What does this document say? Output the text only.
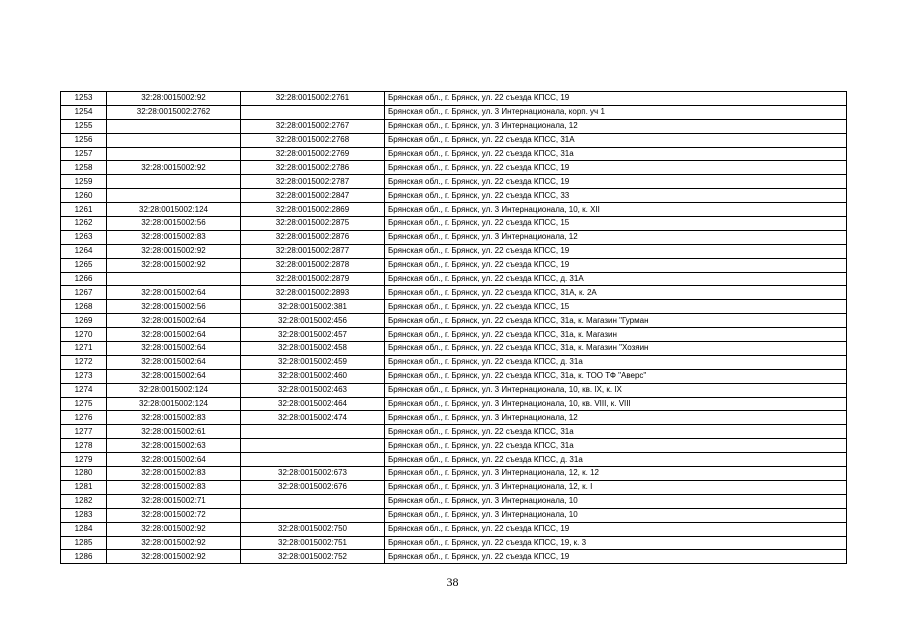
1253	32:28:0015002:92	32:28:0015002:2761	Брянская обл., г. Брянск, ул. 22 съезда КПСС, 19
1254	32:28:0015002:2762		Брянская обл., г. Брянск, ул. 3 Интернационала, корп. уч 1
1255		32:28:0015002:2767	Брянская обл., г. Брянск, ул. 3 Интернационала, 12
1256		32:28:0015002:2768	Брянская обл., г. Брянск, ул. 22 съезда КПСС, 31А
1257		32:28:0015002:2769	Брянская обл., г. Брянск, ул. 22 съезда КПСС, 31а
1258	32:28:0015002:92	32:28:0015002:2786	Брянская обл., г. Брянск, ул. 22 съезда КПСС, 19
1259		32:28:0015002:2787	Брянская обл., г. Брянск, ул. 22 съезда КПСС, 19
1260		32:28:0015002:2847	Брянская обл., г. Брянск, ул. 22 съезда КПСС, 33
1261	32:28:0015002:124	32:28:0015002:2869	Брянская обл., г. Брянск, ул. 3 Интернационала, 10, к. XII
1262	32:28:0015002:56	32:28:0015002:2875	Брянская обл., г. Брянск, ул. 22 съезда КПСС, 15
1263	32:28:0015002:83	32:28:0015002:2876	Брянская обл., г. Брянск, ул. 3 Интернационала, 12
1264	32:28:0015002:92	32:28:0015002:2877	Брянская обл., г. Брянск, ул. 22 съезда КПСС, 19
1265	32:28:0015002:92	32:28:0015002:2878	Брянская обл., г. Брянск, ул. 22 съезда КПСС, 19
1266		32:28:0015002:2879	Брянская обл., г. Брянск, ул. 22 съезда КПСС, д. 31А
1267	32:28:0015002:64	32:28:0015002:2893	Брянская обл., г. Брянск, ул. 22 съезда КПСС, 31А, к. 2А
1268	32:28:0015002:56	32:28:0015002:381	Брянская обл., г. Брянск, ул. 22 съезда КПСС, 15
1269	32:28:0015002:64	32:28:0015002:456	Брянская обл., г. Брянск, ул. 22 съезда КПСС, 31а, к. Магазин "Гурман
1270	32:28:0015002:64	32:28:0015002:457	Брянская обл., г. Брянск, ул. 22 съезда КПСС, 31а, к. Магазин
1271	32:28:0015002:64	32:28:0015002:458	Брянская обл., г. Брянск, ул. 22 съезда КПСС, 31а, к. Магазин "Хозяин
1272	32:28:0015002:64	32:28:0015002:459	Брянская обл., г. Брянск, ул. 22 съезда КПСС, д. 31а
1273	32:28:0015002:64	32:28:0015002:460	Брянская обл., г. Брянск, ул. 22 съезда КПСС, 31а, к. ТОО ТФ "Аверс"
1274	32:28:0015002:124	32:28:0015002:463	Брянская обл., г. Брянск, ул. 3 Интернационала, 10, кв. IX, к. IX
1275	32:28:0015002:124	32:28:0015002:464	Брянская обл., г. Брянск, ул. 3 Интернационала, 10, кв. VIII, к. VIII
1276	32:28:0015002:83	32:28:0015002:474	Брянская обл., г. Брянск, ул. 3 Интернационала, 12
1277	32:28:0015002:61		Брянская обл., г. Брянск, ул. 22 съезда КПСС, 31а
1278	32:28:0015002:63		Брянская обл., г. Брянск, ул. 22 съезда КПСС, 31а
1279	32:28:0015002:64		Брянская обл., г. Брянск, ул. 22 съезда КПСС, д. 31а
1280	32:28:0015002:83	32:28:0015002:673	Брянская обл., г. Брянск, ул. 3 Интернационала, 12, к. 12
1281	32:28:0015002:83	32:28:0015002:676	Брянская обл., г. Брянск, ул. 3 Интернационала, 12, к. I
1282	32:28:0015002:71		Брянская обл., г. Брянск, ул. 3 Интернационала, 10
1283	32:28:0015002:72		Брянская обл., г. Брянск, ул. 3 Интернационала, 10
1284	32:28:0015002:92	32:28:0015002:750	Брянская обл., г. Брянск, ул. 22 съезда КПСС, 19
1285	32:28:0015002:92	32:28:0015002:751	Брянская обл., г. Брянск, ул. 22 съезда КПСС, 19, к. 3
1286	32:28:0015002:92	32:28:0015002:752	Брянская обл., г. Брянск, ул. 22 съезда КПСС, 19
38
